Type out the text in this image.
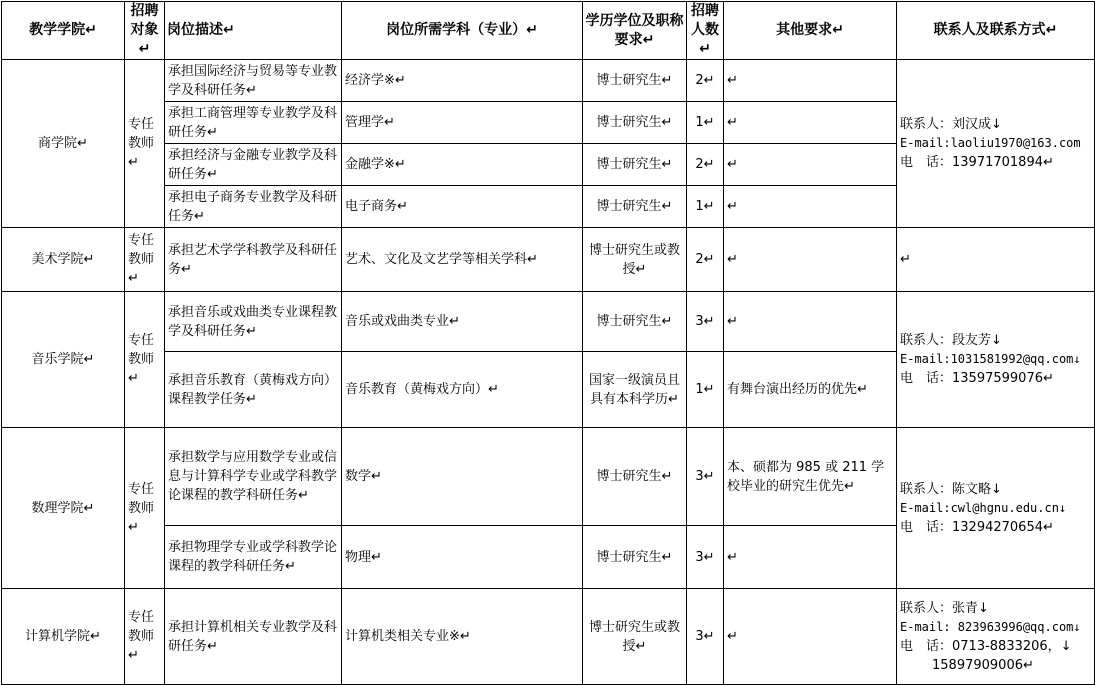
教学学院↵	招聘对象↵	岗位描述↵	岗位所需学科（专业）↵	学历学位及职称要求↵	招聘人数↵	其他要求↵	联系人及联系方式↵
商学院↵	专任教师↵	承担国际经济与贸易等专业教学及科研任务↵	经济学※↵	博士研究生↵	2↵	↵	联系人：刘汉成↓
E-mail:laoliu1970@163.com
电　话：13971701894↵

		承担工商管理等专业教学及科研任务↵	管理学↵	博士研究生↵	1↵	↵	
		承担经济与金融专业教学及科研任务↵	金融学※↵	博士研究生↵	2↵	↵	
		承担电子商务专业教学及科研任务↵	电子商务↵	博士研究生↵	1↵	↵	
美术学院↵	专任教师↵	承担艺术学学科教学及科研任务↵	艺术、文化及文艺学等相关学科↵	博士研究生或教授↵	2↵	↵	↵

音乐学院↵	专任教师↵	承担音乐或戏曲类专业课程教学及科研任务↵	音乐或戏曲类专业↵	博士研究生↵	3↵	↵	联系人：段友芳↓
E-mail:1031581992@qq.com↓
电　话：13597599076↵

		承担音乐教育（黄梅戏方向）课程教学任务↵	音乐教育（黄梅戏方向）↵	国家一级演员且具有本科学历↵	1↵	有舞台演出经历的优先↵	
数理学院↵	专任教师↵	承担数学与应用数学专业或信息与计算科学专业或学科教学论课程的教学科研任务↵	数学↵	博士研究生↵	3↵	本、硕都为 985 或 211 学校毕业的研究生优先↵	联系人：陈文略↓
E-mail:cwl@hgnu.edu.cn↓
电　话：13294270654↵

		承担物理学专业或学科教学论课程的教学科研任务↵	物理↵	博士研究生↵	3↵	↵	
计算机学院↵	专任教师↵	承担计算机相关专业教学及科研任务↵	计算机类相关专业※↵	博士研究生或教授↵	3↵	↵	联系人：张青↓
E-mail: 823963996@qq.com↓
电　话：0713-8833206，↓
15897909006↵
